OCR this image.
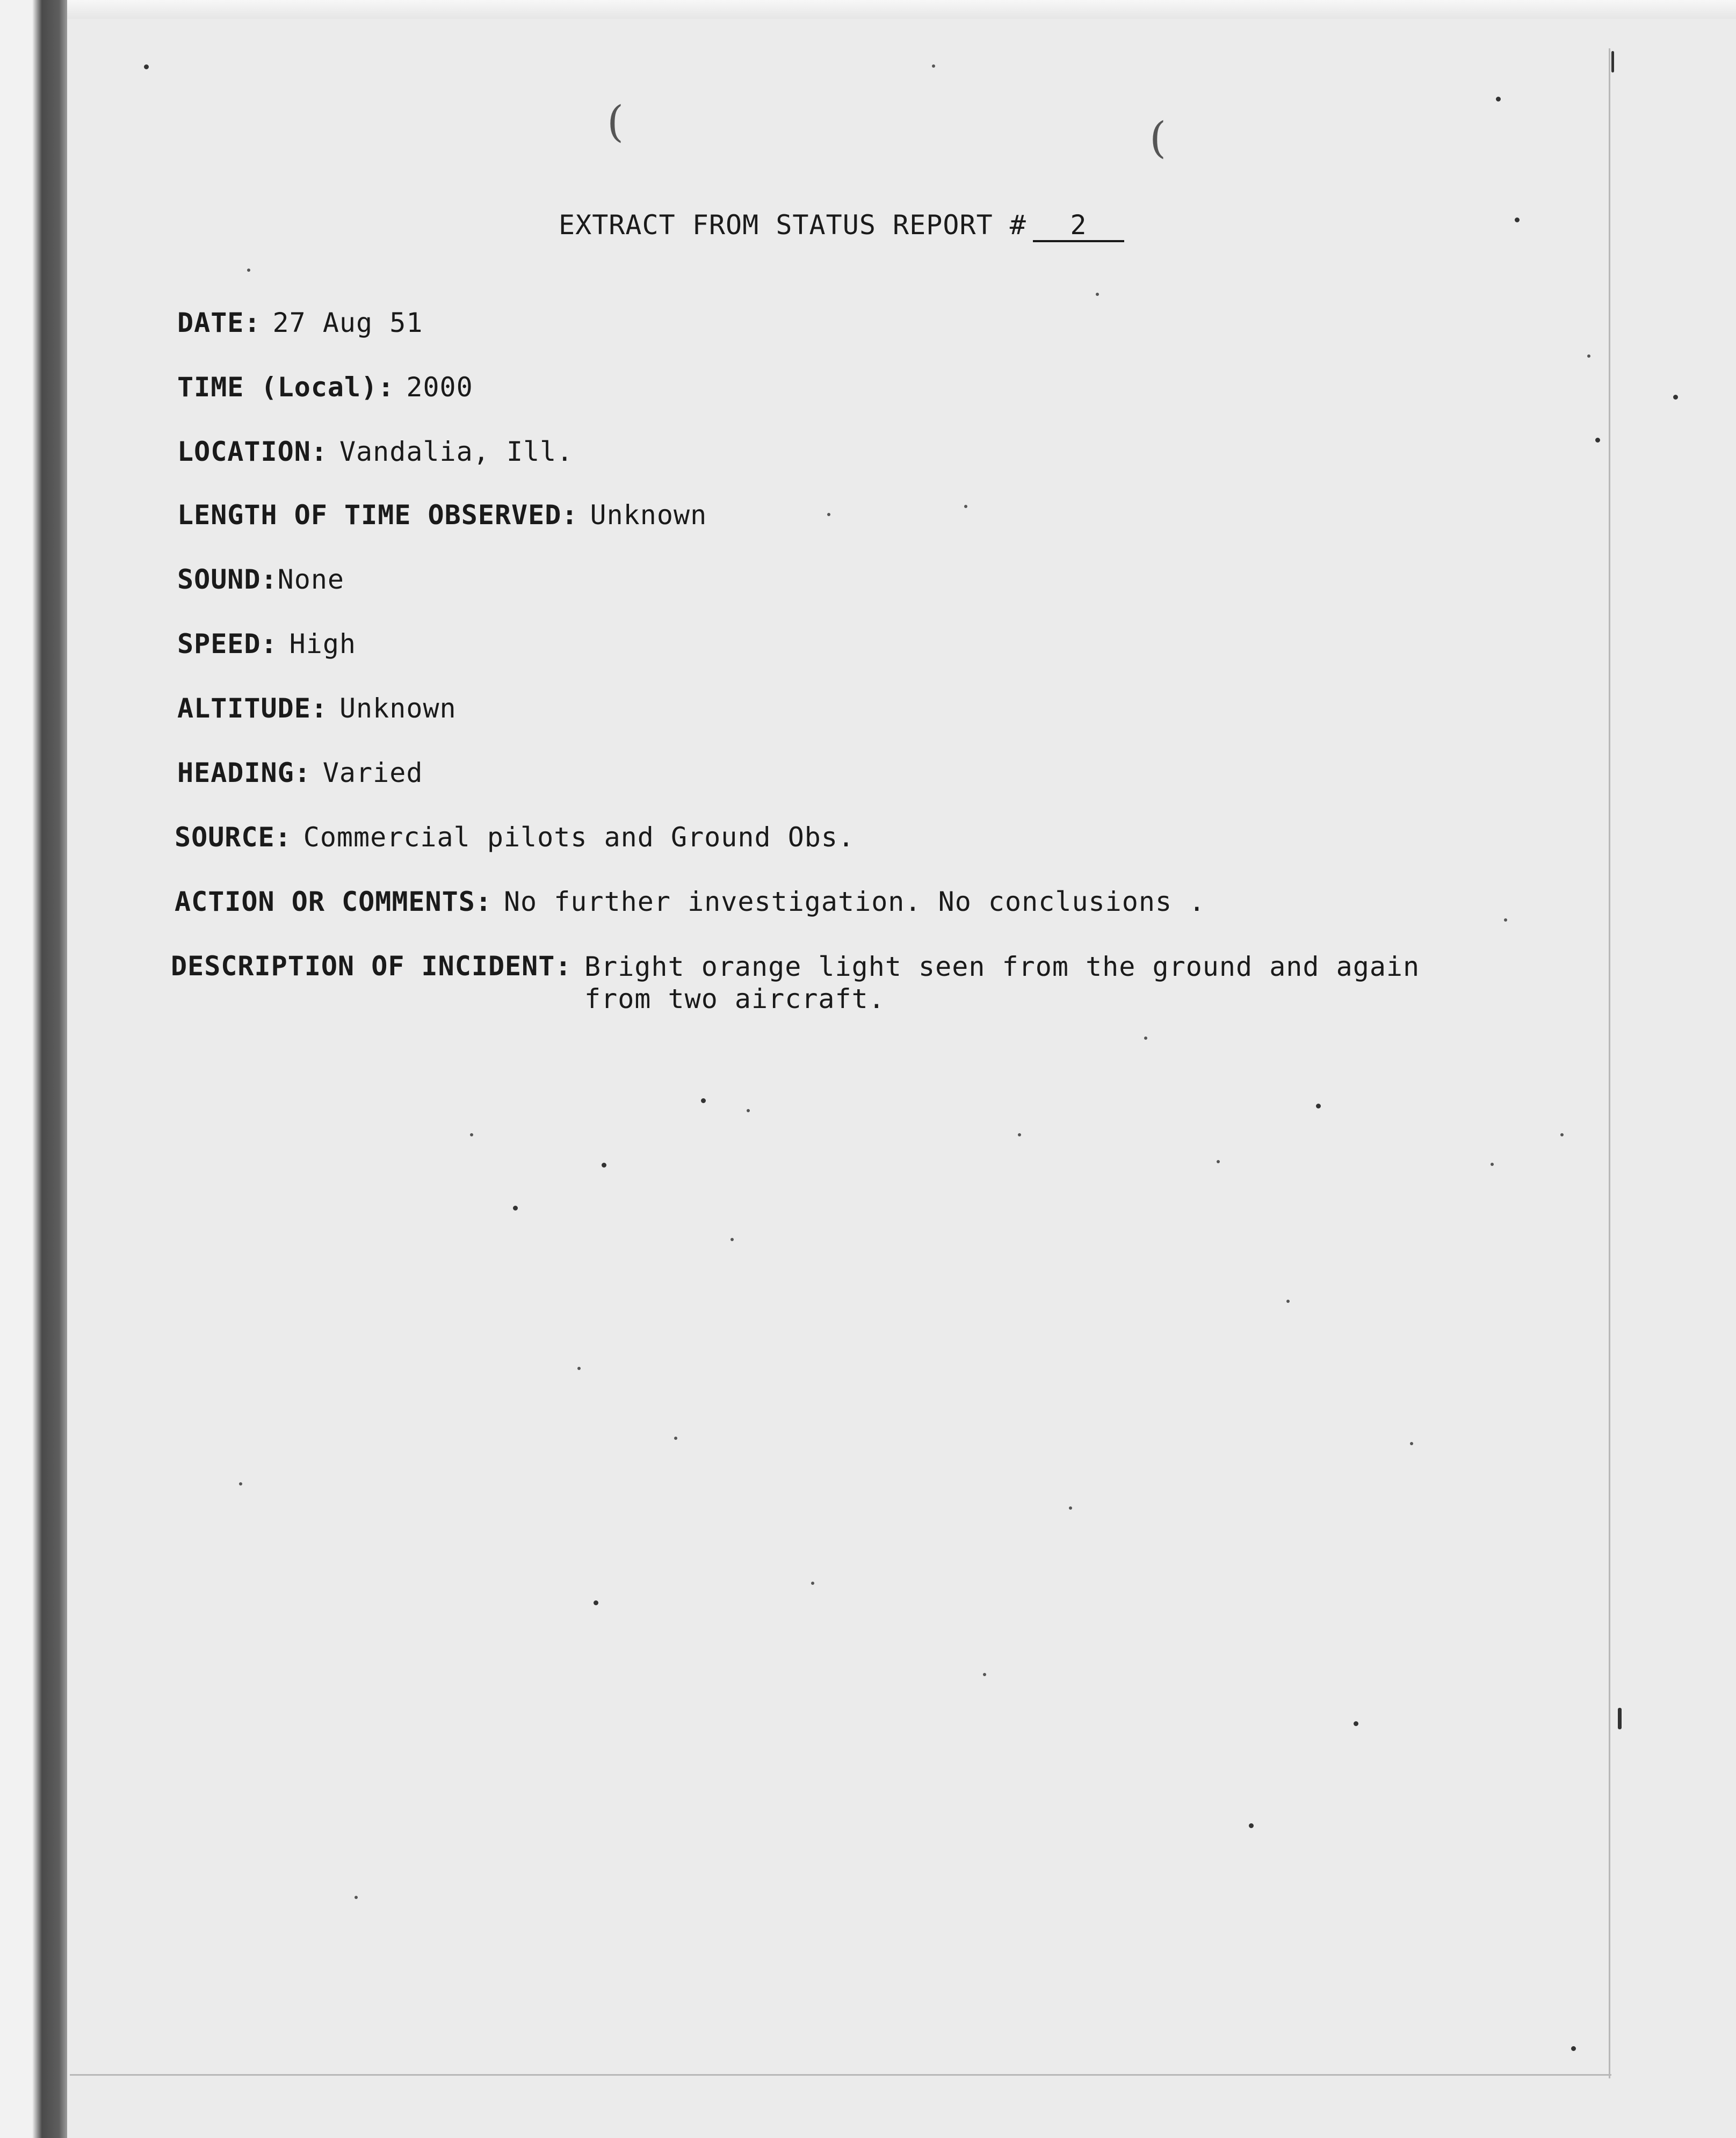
(	(
EXTRACT FROM STATUS REPORT # 2
DATE: 27 Aug 51
TIME (Local): 2000
LOCATION: Vandalia, Ill.
LENGTH OF TIME OBSERVED: Unknown
SOUND:None
SPEED: High
ALTITUDE: Unknown
HEADING: Varied
SOURCE: Commercial pilots and Ground Obs.
ACTION OR COMMENTS: No further investigation. No conclusions .
DESCRIPTION OF INCIDENT: Bright orange light seen from the ground and again from two aircraft.
